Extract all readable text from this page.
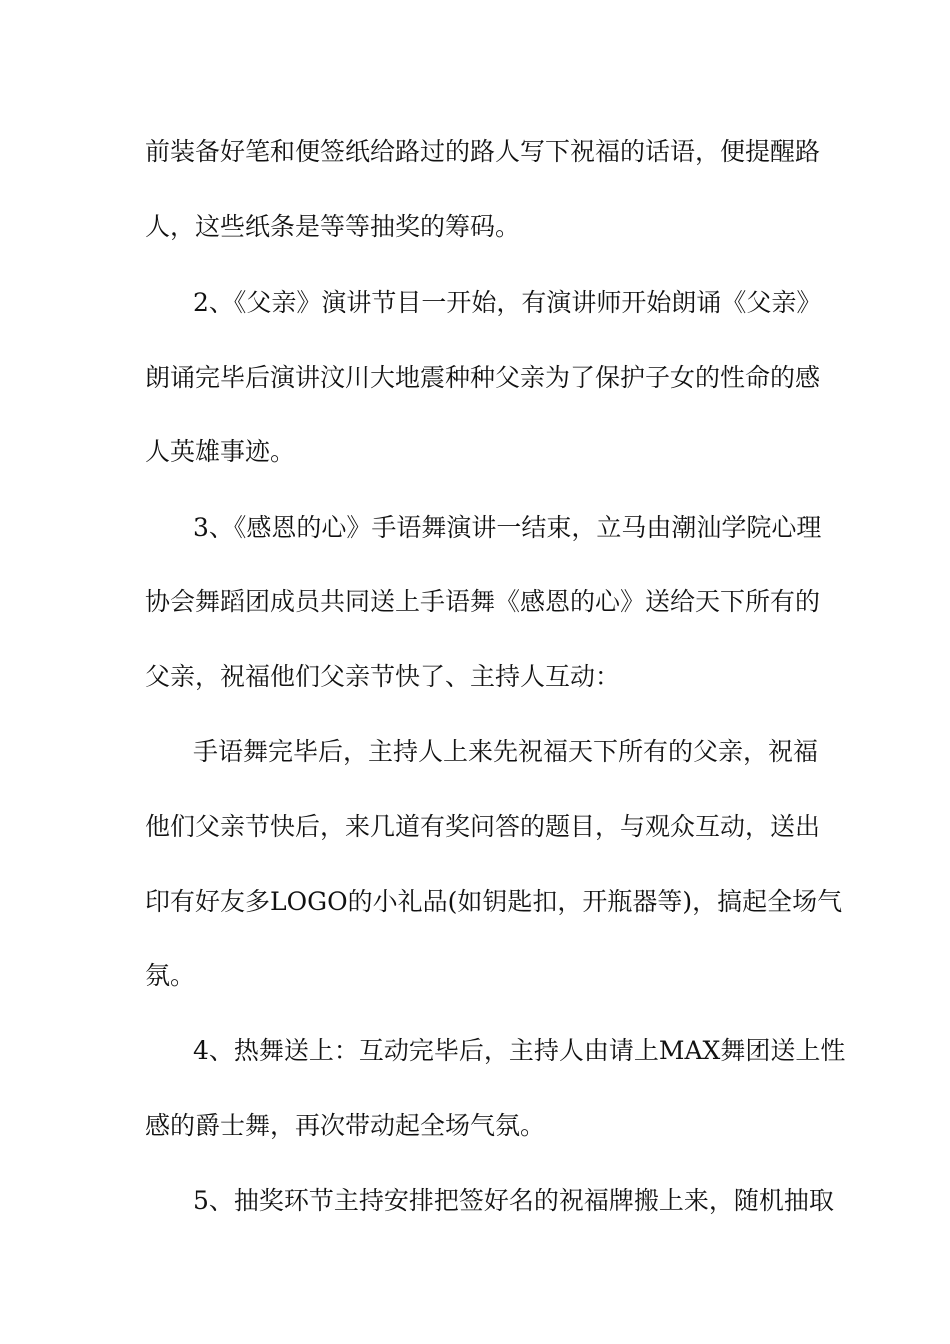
前装备好笔和便签纸给路过的路人写下祝福的话语，便提醒路
人，这些纸条是等等抽奖的筹码。
2、《父亲》演讲节目一开始，有演讲师开始朗诵《父亲》
朗诵完毕后演讲汶川大地震种种父亲为了保护子女的性命的感
人英雄事迹。
3、《感恩的心》手语舞演讲一结束，立马由潮汕学院心理
协会舞蹈团成员共同送上手语舞《感恩的心》送给天下所有的
父亲，祝福他们父亲节快了、主持人互动：
手语舞完毕后，主持人上来先祝福天下所有的父亲，祝福
他们父亲节快后，来几道有奖问答的题目，与观众互动，送出
印有好友多LOGO的小礼品(如钥匙扣，开瓶器等)，搞起全场气
氛。
4、热舞送上：互动完毕后，主持人由请上MAX舞团送上性
感的爵士舞，再次带动起全场气氛。
5、抽奖环节主持安排把签好名的祝福牌搬上来，随机抽取
